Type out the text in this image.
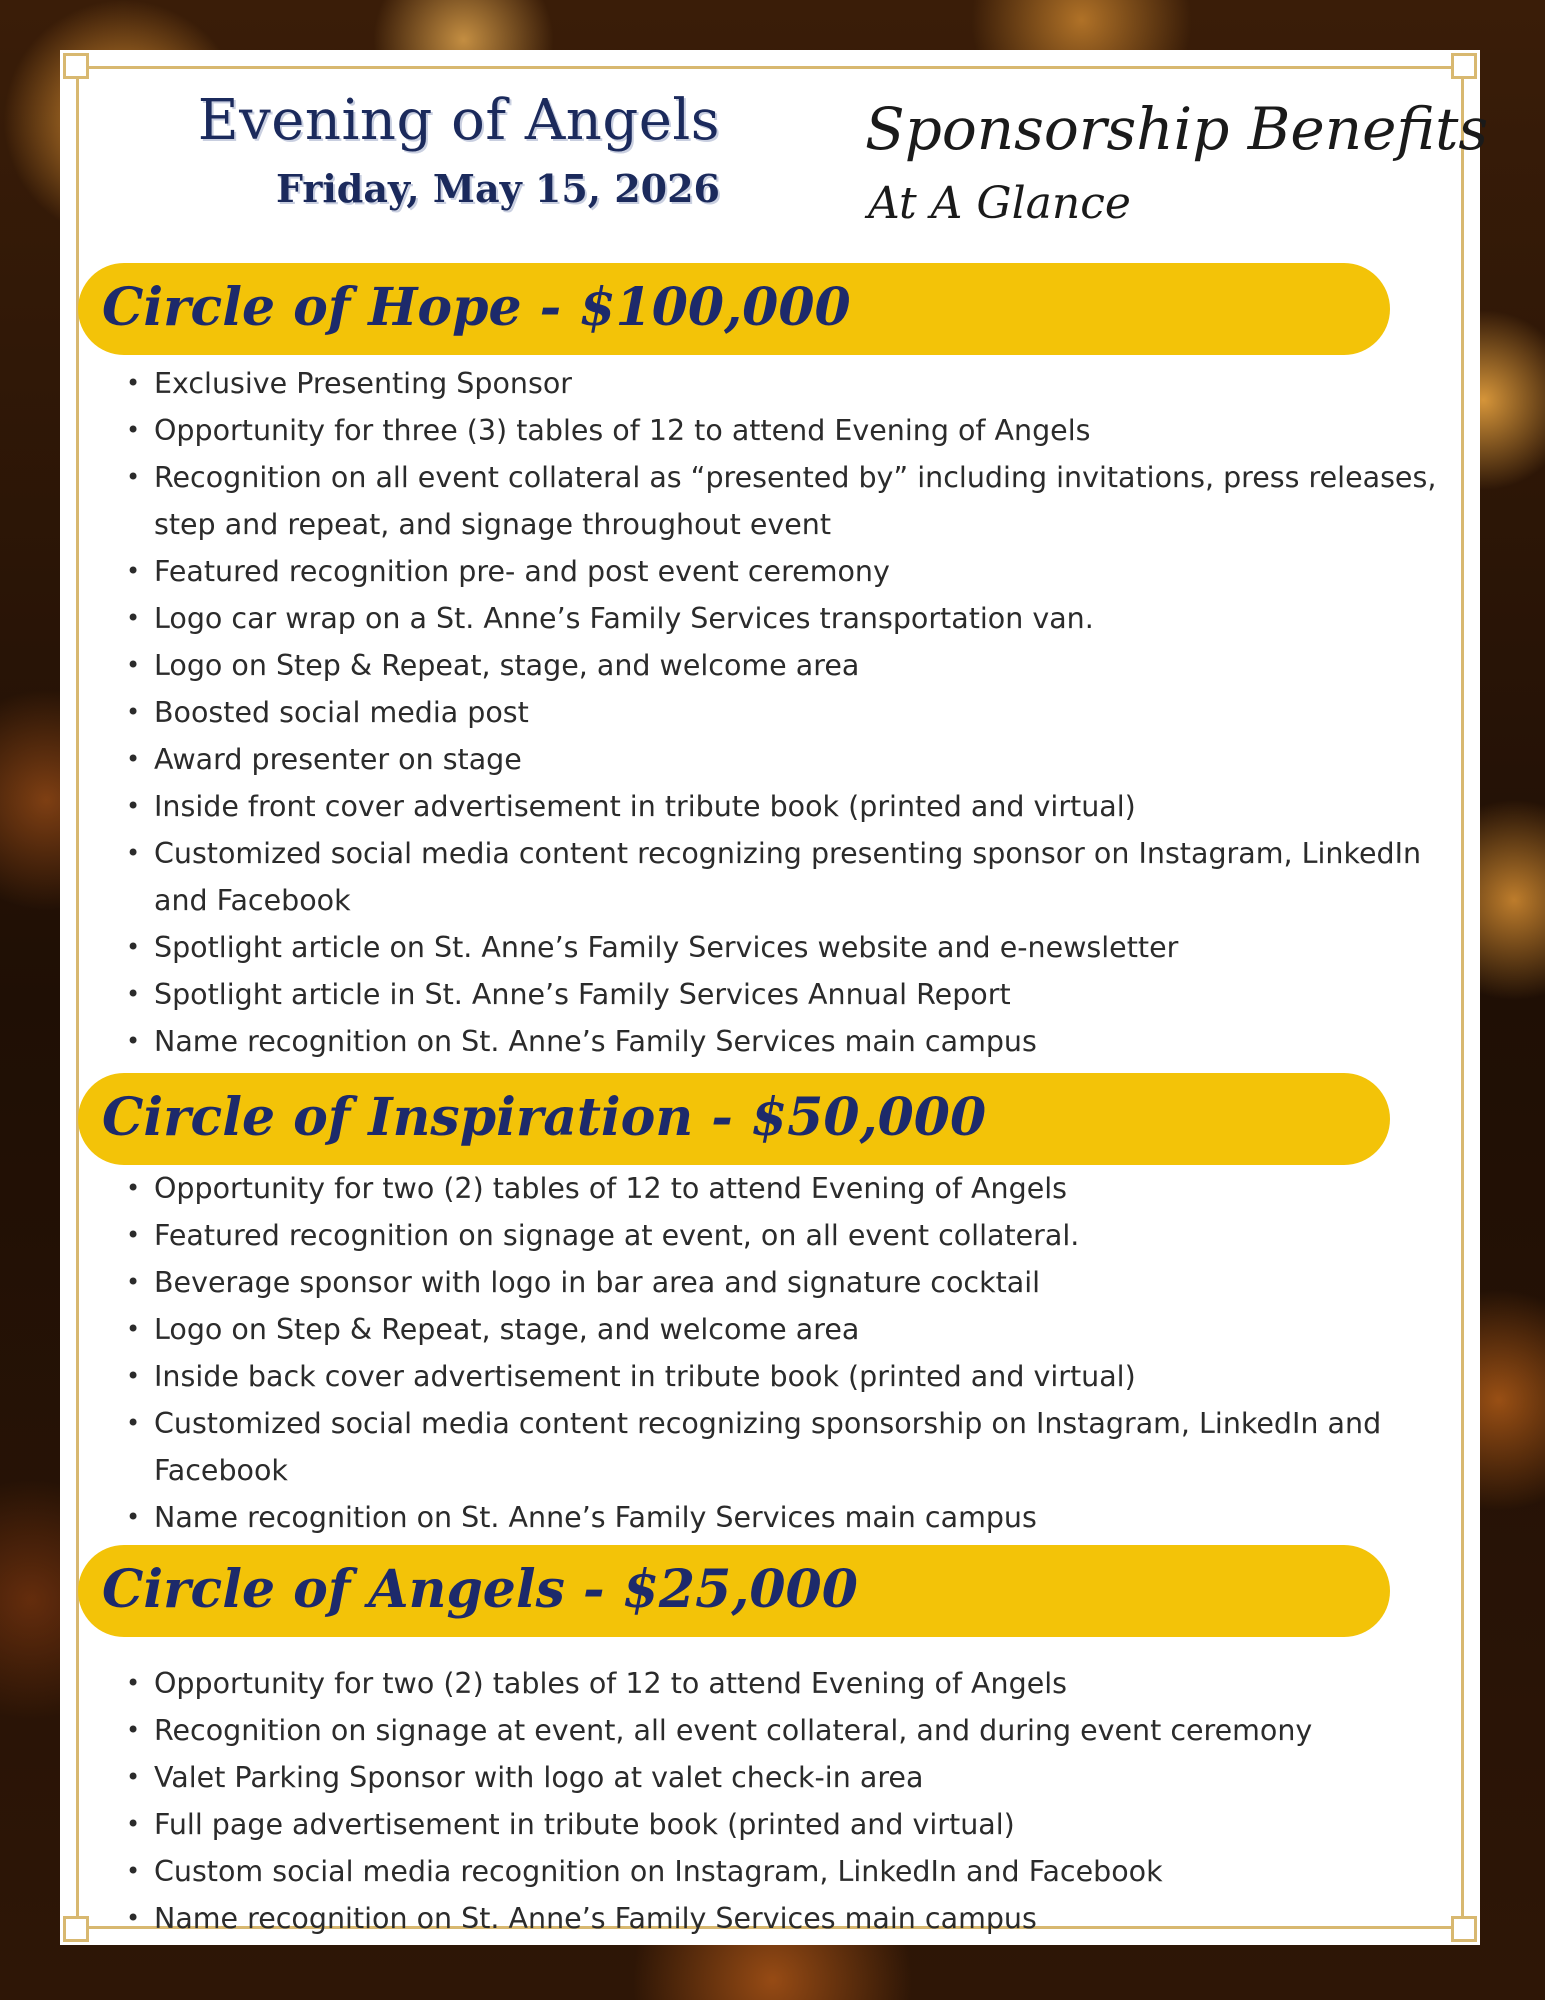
Evening of Angels
Friday, May 15, 2026
Sponsorship Benefits
At A Glance
Circle of Hope - $100,000
• Exclusive Presenting Sponsor
• Opportunity for three (3) tables of 12 to attend Evening of Angels
• Recognition on all event collateral as “presented by” including invitations, press releases, step and repeat, and signage throughout event
• Featured recognition pre- and post event ceremony
• Logo car wrap on a St. Anne’s Family Services transportation van.
• Logo on Step & Repeat, stage, and welcome area
• Boosted social media post
• Award presenter on stage
• Inside front cover advertisement in tribute book (printed and virtual)
• Customized social media content recognizing presenting sponsor on Instagram, LinkedIn and Facebook
• Spotlight article on St. Anne’s Family Services website and e-newsletter
• Spotlight article in St. Anne’s Family Services Annual Report
• Name recognition on St. Anne’s Family Services main campus
Circle of Inspiration - $50,000
• Opportunity for two (2) tables of 12 to attend Evening of Angels
• Featured recognition on signage at event, on all event collateral.
• Beverage sponsor with logo in bar area and signature cocktail
• Logo on Step & Repeat, stage, and welcome area
• Inside back cover advertisement in tribute book (printed and virtual)
• Customized social media content recognizing sponsorship on Instagram, LinkedIn and Facebook
• Name recognition on St. Anne’s Family Services main campus
Circle of Angels - $25,000
• Opportunity for two (2) tables of 12 to attend Evening of Angels
• Recognition on signage at event, all event collateral, and during event ceremony
• Valet Parking Sponsor with logo at valet check-in area
• Full page advertisement in tribute book (printed and virtual)
• Custom social media recognition on Instagram, LinkedIn and Facebook
• Name recognition on St. Anne’s Family Services main campus
